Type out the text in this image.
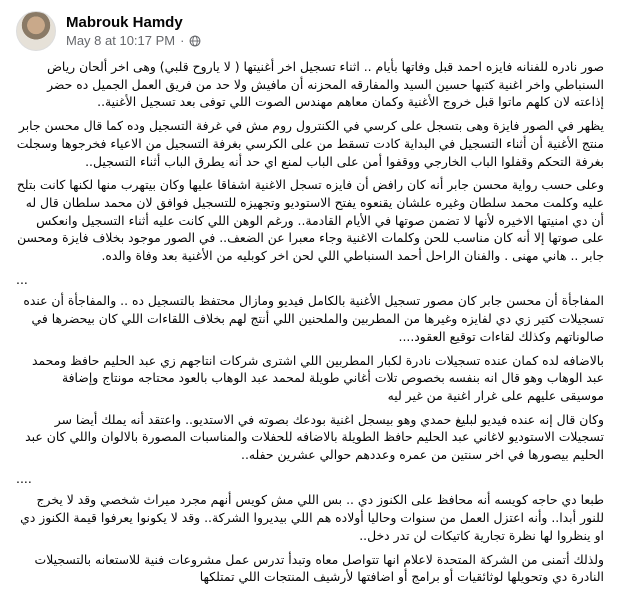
Mabrouk Hamdy
May 8 at 10:17 PM ·

صور نادره للفنانه فايزه احمد قبل وفاتها بأيام .. اثناء تسجيل اخر أغنيتها ( لا ياروح قلبي) وهى اخر ألحان رياض السنباطي واخر اغنية كتبها حسين السيد والمفارقه المحزنه أن مافيش ولا حد من فريق العمل الجميل ده حضر إذاعته لان كلهم ماتوا قبل خروج الأغنية وكمان معاهم مهندس الصوت اللي توفى بعد تسجيل الأغنية..

يظهر في الصور فايزة وهى بتسجل على كرسي في الكنترول روم مش في غرفة التسجيل وده كما قال محسن جابر منتج الأغنية أن أثناء التسجيل في البداية كادت تسقط من على الكرسي بغرفة التسجيل من الاعياء فخرجوها وسجلت بغرفة التحكم وقفلوا الباب الخارجي ووقفوا أمن على الباب لمنع اي حد أنه يطرق الباب أثناء التسجيل..

وعلى حسب رواية محسن جابر أنه كان رافض أن فايزه تسجل الاغنية اشفاقا عليها وكان بيتهرب منها لكنها كانت بتلح عليه وكلمت محمد سلطان وغيره علشان يقنعوه يفتح الاستوديو وتجهيزه للتسجيل فوافق لان محمد سلطان قال له أن دي امنيتها الاخيره لأنها لا تضمن صوتها في الأيام القادمة.. ورغم الوهن اللي كانت عليه أثناء التسجيل وانعكس على صوتها إلا أنه كان مناسب للحن وكلمات الاغنية وجاء معبرا عن الضعف.. في الصور موجود بخلاف فايزة ومحسن جابر .. هاني مهنى . والفنان الراحل أحمد السنباطي اللي لحن اخر كوبليه من الأغنية بعد وفاة والده.

...

المفاجأة أن محسن جابر كان مصور تسجيل الأغنية بالكامل فيديو ومازال محتفظ بالتسجيل ده .. والمفاجأة أن عنده تسجيلات كتير زي دي لفايزه وغيرها من المطربين والملحنين اللي أنتج لهم بخلاف اللقاءات اللي كان بيحضرها في صالوناتهم وكذلك لقاءات توقيع العقود....

بالاضافه لده كمان عنده تسجيلات نادرة لكبار المطربين اللي اشترى شركات انتاجهم زي عبد الحليم حافظ ومحمد عبد الوهاب وهو قال انه بنفسه بخصوص تلات أغاني طويلة لمحمد عبد الوهاب بالعود محتاجه مونتاج وإضافة موسيقى عليهم على غرار اغنية من غير ليه

وكان قال إنه عنده فيديو لبليغ حمدي وهو بيسجل اغنية بودعك بصوته في الاستديو.. واعتقد أنه يملك أيضا سر تسجيلات الاستوديو لاغاني عبد الحليم حافظ الطويلة بالاضافه للحفلات والمناسبات المصورة بالالوان واللي كان عبد الحليم بيصورها في اخر سنتين من عمره وعددهم حوالي عشرين حفله..

....

طبعا دي حاجه كويسه أنه محافظ على الكنوز دي .. بس اللي مش كويس أنهم مجرد ميراث شخصي وقد لا يخرج للنور أبدا.. وأنه اعتزل العمل من سنوات وحاليا أولاده هم اللي بيديروا الشركة.. وقد لا يكونوا يعرفوا قيمة الكنوز دي او ينظروا لها نظرة تجارية كاتيكات لن تدر دخل..

ولذلك أتمنى من الشركة المتحدة لاعلام انها تتواصل معاه وتبدأ تدرس عمل مشروعات فنية للاستعانه بالتسجيلات النادرة دي وتحويلها لوثائقيات أو برامج أو اضافتها لأرشيف المنتجات اللي تمتلكها
